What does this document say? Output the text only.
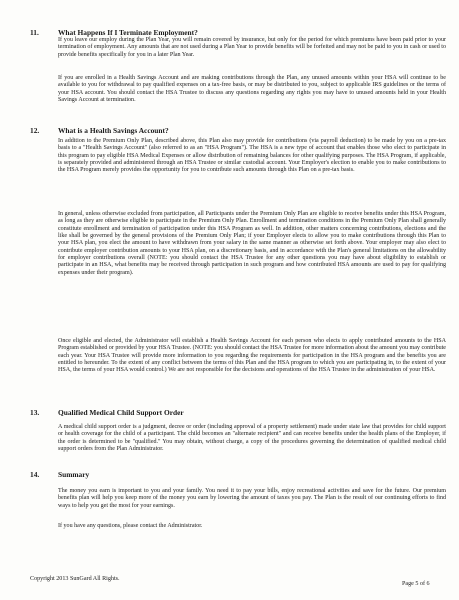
11.	What Happens If I Terminate Employment?

If you leave our employ during the Plan Year, you will remain covered by insurance, but only for the period for which premiums have been paid prior to your termination of employment. Any amounts that are not used during a Plan Year to provide benefits will be forfeited and may not be paid to you in cash or used to provide benefits specifically for you in a later Plan Year.

If you are enrolled in a Health Savings Account and are making contributions through the Plan, any unused amounts within your HSA will continue to be available to you for withdrawal to pay qualified expenses on a tax-free basis, or may be distributed to you, subject to applicable IRS guidelines or the terms of your HSA account. You should contact the HSA Trustee to discuss any questions regarding any rights you may have to unused amounts held in your Health Savings Account at termination.

12.	What is a Health Savings Account?

In addition to the Premium Only Plan, described above, this Plan also may provide for contributions (via payroll deduction) to be made by you on a pre-tax basis to a "Health Savings Account" (also referred to as an "HSA Program"). The HSA is a new type of account that enables those who elect to participate in this program to pay eligible HSA Medical Expenses or allow distribution of remaining balances for other qualifying purposes. The HSA Program, if applicable, is separately provided and administered through an HSA Trustee or similar custodial account. Your Employer's election to enable you to make contributions to the HSA Program merely provides the opportunity for you to contribute such amounts through this Plan on a pre-tax basis.

In general, unless otherwise excluded from participation, all Participants under the Premium Only Plan are eligible to receive benefits under this HSA Program, as long as they are otherwise eligible to participate in the Premium Only Plan. Enrollment and termination conditions in the Premium Only Plan shall generally constitute enrollment and termination of participation under this HSA Program as well. In addition, other matters concerning contributions, elections and the like shall be governed by the general provisions of the Premium Only Plan; if your Employer elects to allow you to make contributions through this Plan to your HSA plan, you elect the amount to have withdrawn from your salary in the same manner as otherwise set forth above. Your employer may also elect to contribute employer contribution amounts to your HSA plan, on a discretionary basis, and in accordance with the Plan's general limitations on the allowability for employer contributions overall (NOTE: you should contact the HSA Trustee for any other questions you may have about eligibility to establish or participate in an HSA, what benefits may be received through participation in such program and how contributed HSA amounts are used to pay for qualifying expenses under their program).

Once eligible and elected, the Administrator will establish a Health Savings Account for each person who elects to apply contributed amounts to the HSA Program established or provided by your HSA Trustee. (NOTE: you should contact the HSA Trustee for more information about the amount you may contribute each year. Your HSA Trustee will provide more information to you regarding the requirements for participation in the HSA program and the benefits you are entitled to hereunder. To the extent of any conflict between the terms of this Plan and the HSA program to which you are participating in, to the extent of your HSA, the terms of your HSA would control.) We are not responsible for the decisions and operations of the HSA Trustee in the administration of your HSA.

13.	Qualified Medical Child Support Order

A medical child support order is a judgment, decree or order (including approval of a property settlement) made under state law that provides for child support or health coverage for the child of a participant. The child becomes an "alternate recipient" and can receive benefits under the health plans of the Employer, if the order is determined to be "qualified." You may obtain, without charge, a copy of the procedures governing the determination of qualified medical child support orders from the Plan Administrator.

14.	Summary

The money you earn is important to you and your family. You need it to pay your bills, enjoy recreational activities and save for the future. Our premium benefits plan will help you keep more of the money you earn by lowering the amount of taxes you pay. The Plan is the result of our continuing efforts to find ways to help you get the most for your earnings.

If you have any questions, please contact the Administrator.

Copyright 2013 SunGard All Rights.
Page 5 of 6
